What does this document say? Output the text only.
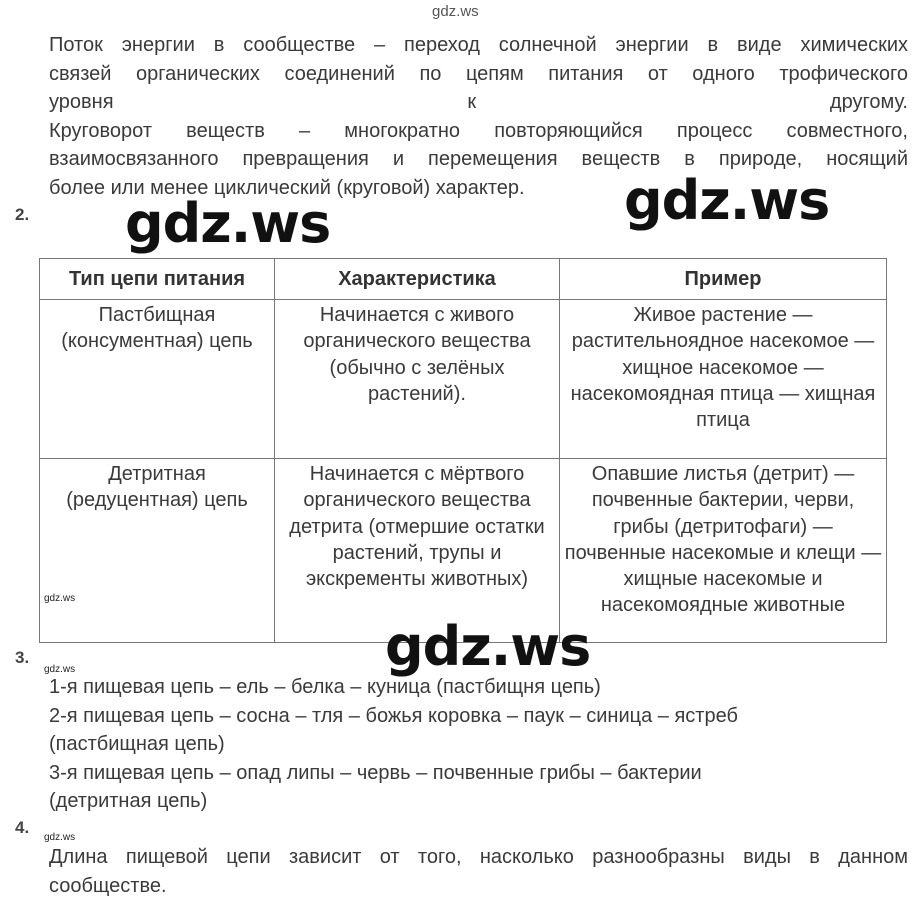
gdz.ws
Поток энергии в сообществе – переход солнечной энергии в виде химических
связей органических соединений по цепям питания от одного трофического
уровня к другому.
Круговорот веществ – многократно повторяющийся процесс совместного,
взаимосвязанного превращения и перемещения веществ в природе, носящий
более или менее циклический (круговой) характер.	gdz.ws
2. gdz.ws
Тип цепи питания	Характеристика	Пример
Пастбищная (консументная) цепь	Начинается с живого органического вещества (обычно с зелёных растений).	Живое растение — растительноядное насекомое — хищное насекомое — насекомоядная птица — хищная птица
Детритная (редуцентная) цепь	Начинается с мёртвого органического вещества детрита (отмершие остатки растений, трупы и экскременты животных)	Опавшие листья (детрит) — почвенные бактерии, черви, грибы (детритофаги) — почвенные насекомые и клещи — хищные насекомые и насекомоядные животные
gdz.ws
gdz.ws
3.
gdz.ws
1-я пищевая цепь – ель – белка – куница (пастбищня цепь)
2-я пищевая цепь – сосна – тля – божья коровка – паук – синица – ястреб
(пастбищная цепь)
3-я пищевая цепь – опад липы – червь – почвенные грибы – бактерии
(детритная цепь)
4.
gdz.ws
Длина пищевой цепи зависит от того, насколько разнообразны виды в данном
сообществе.
